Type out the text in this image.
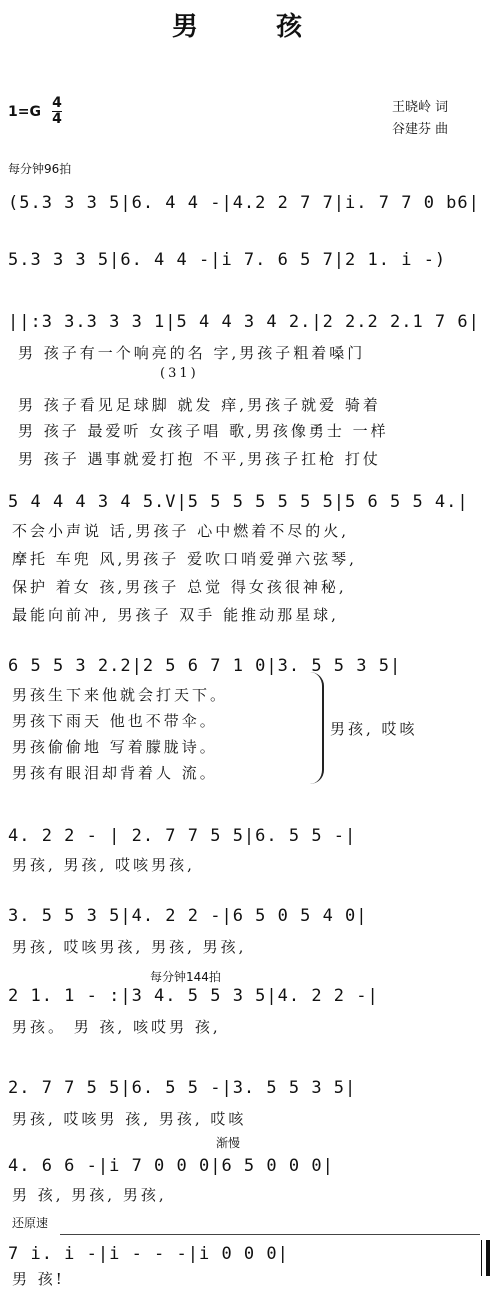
男　孩
1=G
4
4
王晓岭 词
谷建芬 曲
每分钟96拍
(5.3 3 3 5|6. 4 4 -|4.2 2 7 7|i. 7 7 0 b6|
5.3 3 3 5|6. 4 4 -|i 7. 6 5 7|2 1. i -)
||:3 3.3 3 3 1|5 4 4 3 4 2.|2 2.2 2.1 7 6|
男 孩子有一个响亮的名 字,男孩子粗着嗓门
(31)
男 孩子看见足球脚 就发 痒,男孩子就爱 骑着
男 孩子 最爱听 女孩子唱 歌,男孩像勇士 一样
男 孩子 遇事就爱打抱 不平,男孩子扛枪 打仗
5 4 4 4 3 4 5.V|5 5 5 5 5 5 5|5 6 5 5 4.|
不会小声说 话,男孩子 心中燃着不尽的火,
摩托 车兜 风,男孩子 爱吹口哨爱弹六弦琴,
保护 着女 孩,男孩子 总觉 得女孩很神秘,
最能向前冲, 男孩子 双手 能推动那星球,
6 5 5 3 2.2|2 5 6 7 1 0|3. 5 5 3 5|
男孩生下来他就会打天下。
男孩下雨天 他也不带伞。
男孩偷偷地 写着朦胧诗。
男孩有眼泪却背着人 流。
男孩, 哎咳
4. 2 2 - | 2. 7 7 5 5|6. 5 5 -|
男孩, 男孩, 哎咳男孩,
3. 5 5 3 5|4. 2 2 -|6 5 0 5 4 0|
男孩, 哎咳男孩, 男孩, 男孩,
每分钟144拍
2 1. 1 - :|3 4. 5 5 3 5|4. 2 2 -|
男孩。 男 孩, 咳哎男 孩,
2. 7 7 5 5|6. 5 5 -|3. 5 5 3 5|
男孩, 哎咳男 孩, 男孩, 哎咳
渐慢
4. 6 6 -|i 7 0 0 0|6 5 0 0 0|
男 孩, 男孩, 男孩,
还原速
7 i. i -|i - - -|i 0 0 0|
男 孩!
